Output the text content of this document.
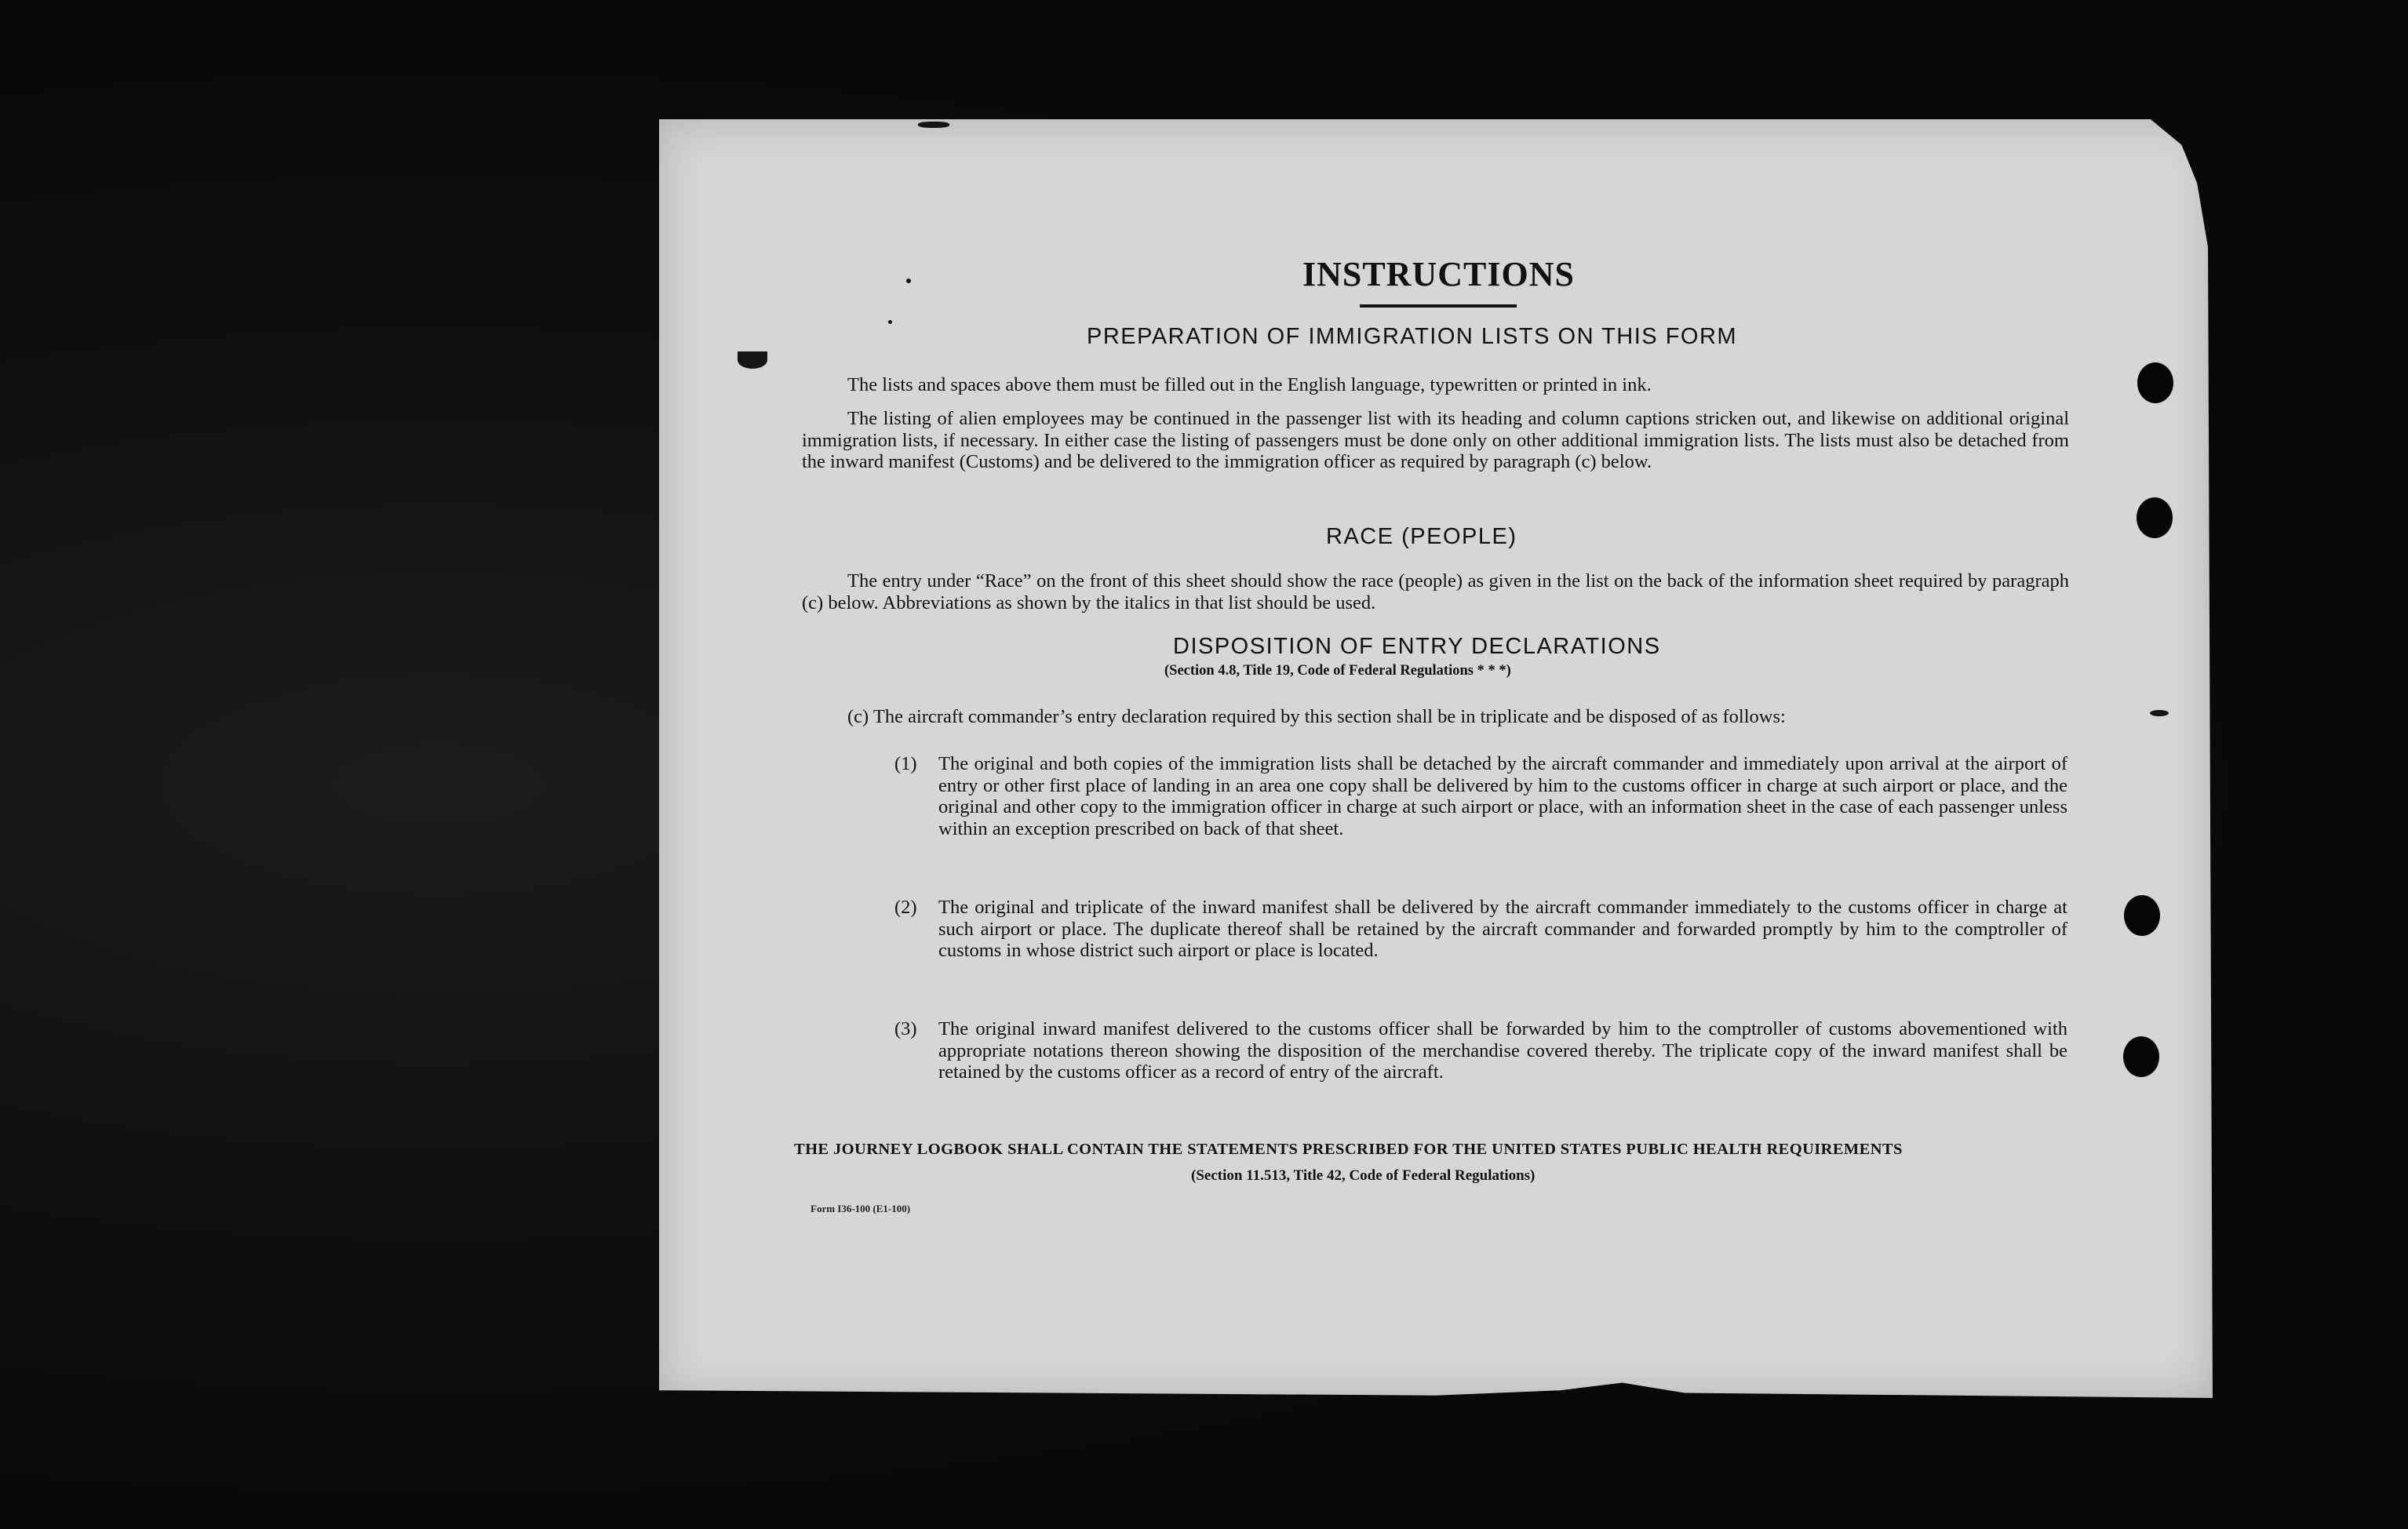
INSTRUCTIONS
PREPARATION OF IMMIGRATION LISTS ON THIS FORM
The lists and spaces above them must be filled out in the English language, typewritten or printed in ink.
The listing of alien employees may be continued in the passenger list with its heading and column captions stricken out, and likewise on additional original immigration lists, if necessary. In either case the listing of passengers must be done only on other additional immigration lists. The lists must also be detached from the inward manifest (Customs) and be delivered to the immigration officer as required by paragraph (c) below.
RACE (PEOPLE)
The entry under “Race” on the front of this sheet should show the race (people) as given in the list on the back of the information sheet required by paragraph (c) below. Abbreviations as shown by the italics in that list should be used.
DISPOSITION OF ENTRY DECLARATIONS
(Section 4.8, Title 19, Code of Federal Regulations * * *)
(c) The aircraft commander’s entry declaration required by this section shall be in triplicate and be disposed of as follows:
(1) The original and both copies of the immigration lists shall be detached by the aircraft commander and immediately upon arrival at the airport of entry or other first place of landing in an area one copy shall be delivered by him to the customs officer in charge at such airport or place, and the original and other copy to the immigration officer in charge at such airport or place, with an information sheet in the case of each passenger unless within an exception prescribed on back of that sheet.
(2) The original and triplicate of the inward manifest shall be delivered by the aircraft commander immediately to the customs officer in charge at such airport or place. The duplicate thereof shall be retained by the aircraft commander and forwarded promptly by him to the comptroller of customs in whose district such airport or place is located.
(3) The original inward manifest delivered to the customs officer shall be forwarded by him to the comptroller of customs abovementioned with appropriate notations thereon showing the disposition of the merchandise covered thereby. The triplicate copy of the inward manifest shall be retained by the customs officer as a record of entry of the aircraft.
THE JOURNEY LOGBOOK SHALL CONTAIN THE STATEMENTS PRESCRIBED FOR THE UNITED STATES PUBLIC HEALTH REQUIREMENTS
(Section 11.513, Title 42, Code of Federal Regulations)
Form I36-100 (E1-100)
